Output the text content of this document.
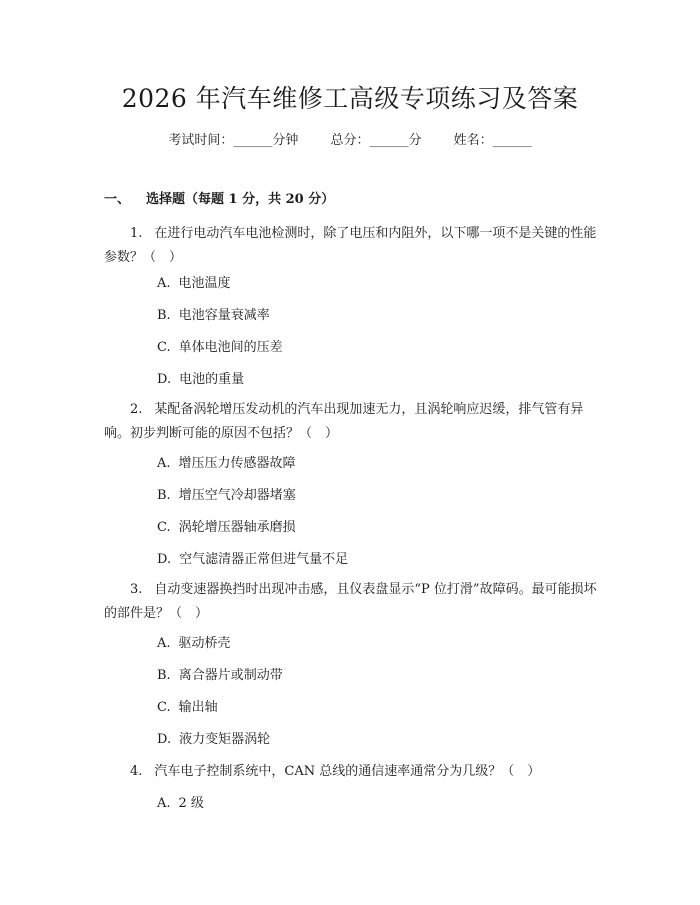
2026 年汽车维修工高级专项练习及答案
考试时间：______分钟 总分：______分 姓名：______
一、 选择题（每题 1 分，共 20 分）
1. 在进行电动汽车电池检测时，除了电压和内阻外，以下哪一项不是关键的性能参数？（　）
A. 电池温度
B. 电池容量衰减率
C. 单体电池间的压差
D. 电池的重量
2. 某配备涡轮增压发动机的汽车出现加速无力，且涡轮响应迟缓，排气管有异响。初步判断可能的原因不包括？（　）
A. 增压压力传感器故障
B. 增压空气冷却器堵塞
C. 涡轮增压器轴承磨损
D. 空气滤清器正常但进气量不足
3. 自动变速器换挡时出现冲击感，且仪表盘显示“P 位打滑”故障码。最可能损坏的部件是？（　）
A. 驱动桥壳
B. 离合器片或制动带
C. 输出轴
D. 液力变矩器涡轮
4. 汽车电子控制系统中，CAN 总线的通信速率通常分为几级？（　）
A. 2 级
